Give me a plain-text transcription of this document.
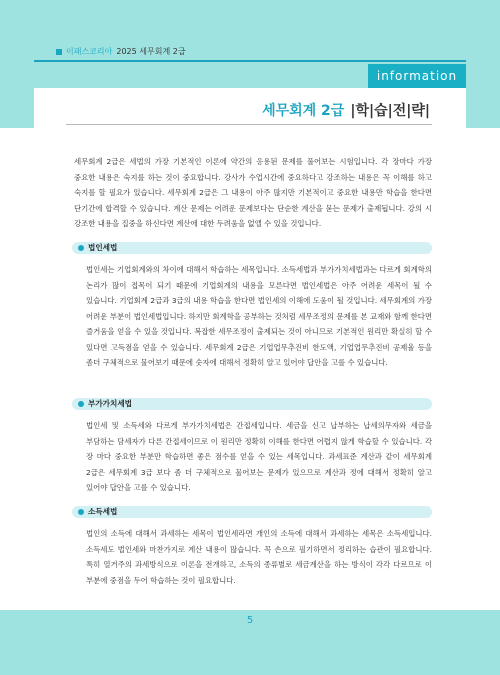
이패스코리아 2025 세무회계 2급
information
세무회계 2급 |학|습|전|략|

세무회계 2급은 세법의 가장 기본적인 이론에 약간의 응용된 문제를 풀어보는 시험입니다. 각 장마다 가장 중요한 내용은 숙지를 하는 것이 중요합니다. 강사가 수업시간에 중요하다고 강조하는 내용은 꼭 이해를 하고 숙지를 할 필요가 있습니다. 세무회계 2급은 그 내용이 아주 많지만 기본적이고 중요한 내용만 학습을 한다면 단기간에 합격할 수 있습니다. 계산 문제는 어려운 문제보다는 단순한 계산을 묻는 문제가 출제됩니다. 강의 시 강조한 내용을 집중을 하신다면 계산에 대한 두려움을 없앨 수 있을 것입니다.

법인세법

법인세는 기업회계와의 차이에 대해서 학습하는 세목입니다. 소득세법과 부가가치세법과는 다르게 회계학의 논리가 많이 접목이 되기 때문에 기업회계의 내용을 모른다면 법인세법은 아주 어려운 세목이 될 수 있습니다. 기업회계 2급과 3급의 내용 학습을 한다면 법인세의 이해에 도움이 될 것입니다. 세무회계의 가장 어려운 부분이 법인세법입니다. 하지만 회계학을 공부하는 것처럼 세무조정의 문제를 본 교재와 함께 한다면 즐거움을 얻을 수 있을 것입니다. 복잡한 세무조정이 출제되는 것이 아니므로 기본적인 원리만 확실히 할 수 있다면 고득점을 얻을 수 있습니다. 세무회계 2급은 기업업무추진비 한도액, 기업업무추진비 공제율 등을 좀더 구체적으로 물어보기 때문에 숫자에 대해서 정확히 알고 있어야 답안을 고를 수 있습니다.

부가가치세법

법인세 및 소득세와 다르게 부가가치세법은 간접세입니다. 세금을 신고 납부하는 납세의무자와 세금을 부담하는 담세자가 다른 간접세이므로 이 원리만 정확히 이해를 한다면 어렵지 않게 학습할 수 있습니다. 각 장 마다 중요한 부분만 학습하면 좋은 점수를 얻을 수 있는 세목입니다. 과세표준 계산과 같이 세무회계 2급은 세무회계 3급 보다 좀 더 구체적으로 물어보는 문제가 있으므로 계산과 정에 대해서 정확히 알고 있어야 답안을 고를 수 있습니다.

소득세법

법인의 소득에 대해서 과세하는 세목이 법인세라면 개인의 소득에 대해서 과세하는 세목은 소득세입니다. 소득세도 법인세와 마찬가지로 계산 내용이 많습니다. 꼭 손으로 필기하면서 정리하는 습관이 필요합니다. 특히 열거주의 과세방식으로 이론을 전개하고, 소득의 종류별로 세금계산을 하는 방식이 각각 다르므로 이 부분에 중점을 두어 학습하는 것이 필요합니다.

5
